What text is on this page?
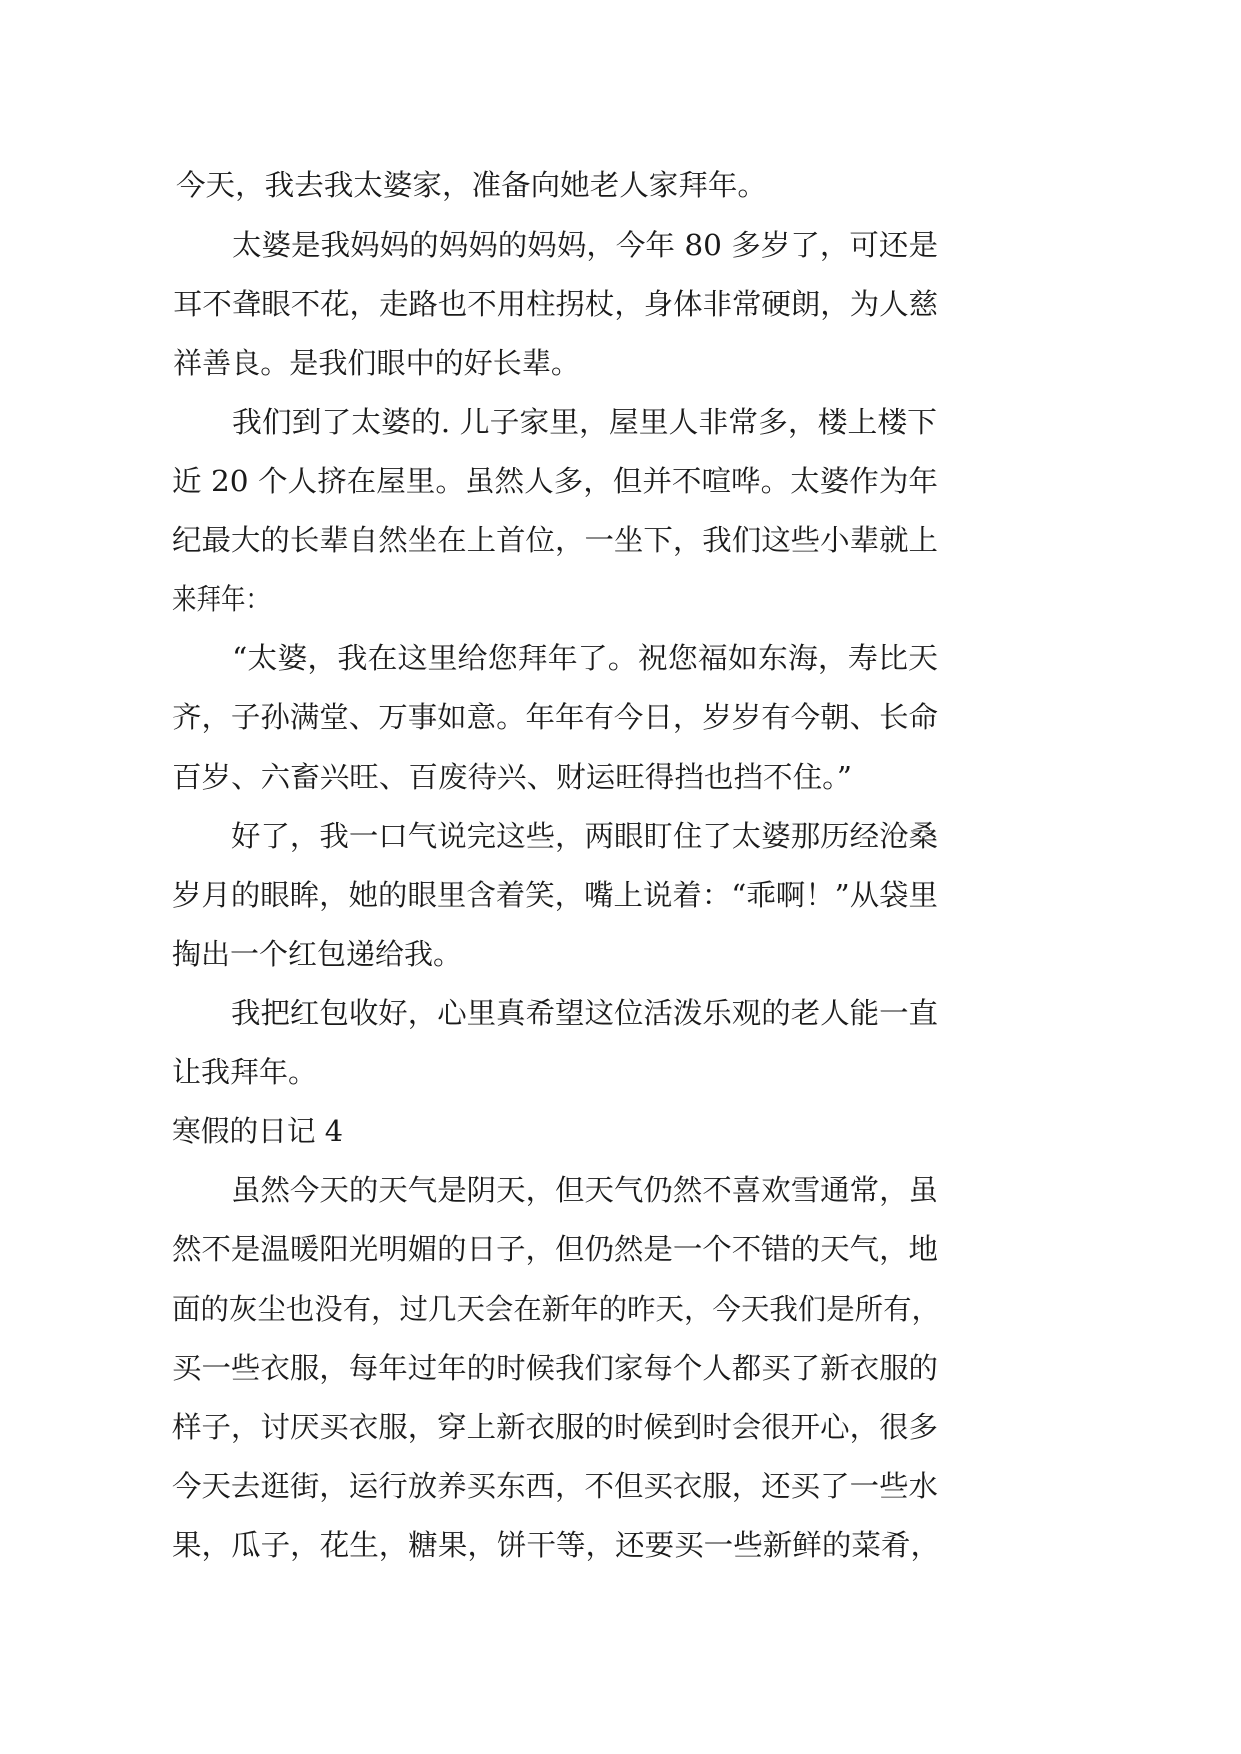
今天，我去我太婆家，准备向她老人家拜年。
太婆是我妈妈的妈妈的妈妈，今年 80 多岁了，可还是
耳不聋眼不花，走路也不用柱拐杖，身体非常硬朗，为人慈
祥善良。是我们眼中的好长辈。
我们到了太婆的. 儿子家里，屋里人非常多，楼上楼下
近 20 个人挤在屋里。虽然人多，但并不喧哗。太婆作为年
纪最大的长辈自然坐在上首位，一坐下，我们这些小辈就上
来拜年：
“太婆，我在这里给您拜年了。祝您福如东海，寿比天
齐，子孙满堂、万事如意。年年有今日，岁岁有今朝、长命
百岁、六畜兴旺、百废待兴、财运旺得挡也挡不住。”
好了，我一口气说完这些，两眼盯住了太婆那历经沧桑
岁月的眼眸，她的眼里含着笑，嘴上说着：“乖啊！”从袋里
掏出一个红包递给我。
我把红包收好，心里真希望这位活泼乐观的老人能一直
让我拜年。
寒假的日记 4
虽然今天的天气是阴天，但天气仍然不喜欢雪通常，虽
然不是温暖阳光明媚的日子，但仍然是一个不错的天气，地
面的灰尘也没有，过几天会在新年的昨天，今天我们是所有，
买一些衣服，每年过年的时候我们家每个人都买了新衣服的
样子，讨厌买衣服，穿上新衣服的时候到时会很开心，很多
今天去逛街，运行放养买东西，不但买衣服，还买了一些水
果，瓜子，花生，糖果，饼干等，还要买一些新鲜的菜肴，
